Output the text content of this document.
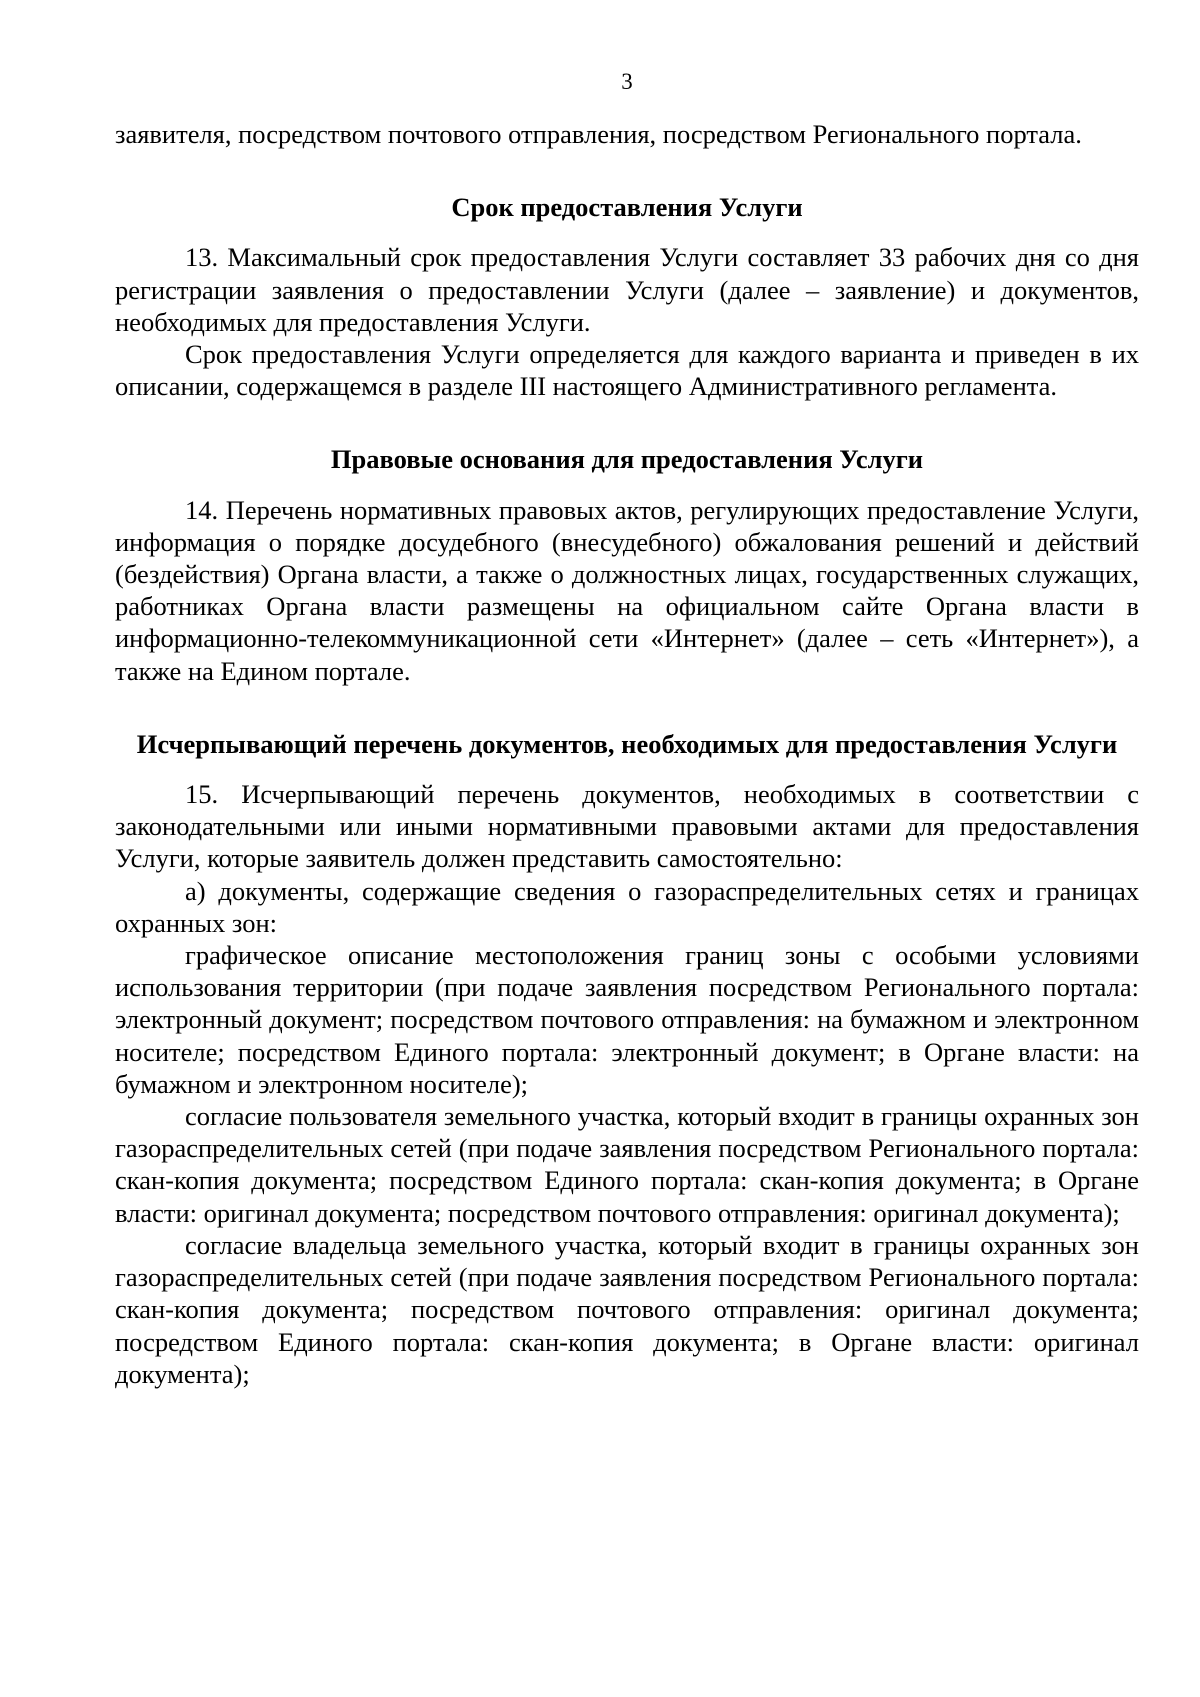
3

заявителя, посредством почтового отправления, посредством Регионального портала.

Срок предоставления Услуги

13. Максимальный срок предоставления Услуги составляет 33 рабочих дня со дня регистрации заявления о предоставлении Услуги (далее – заявление) и документов, необходимых для предоставления Услуги.

Срок предоставления Услуги определяется для каждого варианта и приведен в их описании, содержащемся в разделе III настоящего Административного регламента.

Правовые основания для предоставления Услуги

14. Перечень нормативных правовых актов, регулирующих предоставление Услуги, информация о порядке досудебного (внесудебного) обжалования решений и действий (бездействия) Органа власти, а также о должностных лицах, государственных служащих, работниках Органа власти размещены на официальном сайте Органа власти в информационно-телекоммуникационной сети «Интернет» (далее – сеть «Интернет»), а также на Едином портале.

Исчерпывающий перечень документов, необходимых для предоставления Услуги

15. Исчерпывающий перечень документов, необходимых в соответствии с законодательными или иными нормативными правовыми актами для предоставления Услуги, которые заявитель должен представить самостоятельно:

а) документы, содержащие сведения о газораспределительных сетях и границах охранных зон:

графическое описание местоположения границ зоны с особыми условиями использования территории (при подаче заявления посредством Регионального портала: электронный документ; посредством почтового отправления: на бумажном и электронном носителе; посредством Единого портала: электронный документ; в Органе власти: на бумажном и электронном носителе);

согласие пользователя земельного участка, который входит в границы охранных зон газораспределительных сетей (при подаче заявления посредством Регионального портала: скан-копия документа; посредством Единого портала: скан-копия документа; в Органе власти: оригинал документа; посредством почтового отправления: оригинал документа);

согласие владельца земельного участка, который входит в границы охранных зон газораспределительных сетей (при подаче заявления посредством Регионального портала: скан-копия документа; посредством почтового отправления: оригинал документа; посредством Единого портала: скан-копия документа; в Органе власти: оригинал документа);
